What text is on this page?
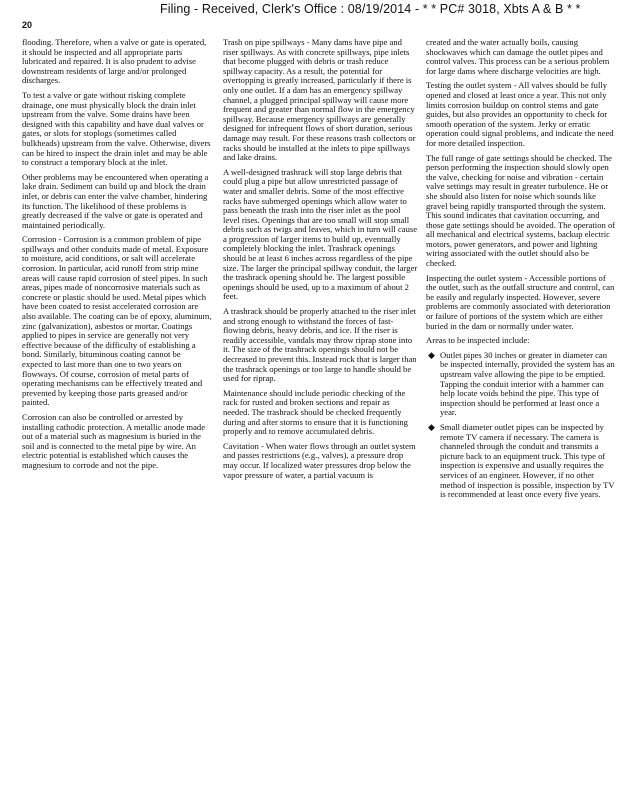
Filing - Received, Clerk's Office : 08/19/2014 - * * PC# 3018, Xbts A & B * *
20

flooding. Therefore, when a valve or gate is operated, it should be inspected and all appropriate parts lubricated and repaired. It is also prudent to advise downstream residents of large and/or prolonged discharges.

To test a valve or gate without risking complete drainage, one must physically block the drain inlet upstream from the valve. Some drains have been designed with this capability and have dual valves or gates, or slots for stoplogs (sometimes called bulkheads) upstream from the valve. Otherwise, divers can be hired to inspect the drain inlet and may be able to construct a temporary block at the inlet.

Other problems may be encountered when operating a lake drain. Sediment can build up and block the drain inlet, or debris can enter the valve chamber, hindering its function. The likelihood of these problems is greatly decreased if the valve or gate is operated and maintained periodically.

Corrosion - Corrosion is a common problem of pipe spillways and other conduits made of metal. Exposure to moisture, acid conditions, or salt will accelerate corrosion. In particular, acid runoff from strip mine areas will cause rapid corrosion of steel pipes. In such areas, pipes made of noncorrosive materials such as concrete or plastic should be used. Metal pipes which have been coated to resist accelerated corrosion are also available. The coating can be of epoxy, aluminum, zinc (galvanization), asbestos or mortar. Coatings applied to pipes in service are generally not very effective because of the difficulty of establishing a bond. Similarly, bituminous coating cannot be expected to last more than one to two years on flowways. Of course, corrosion of metal parts of operating mechanisms can be effectively treated and prevented by keeping those parts greased and/or painted.

Corrosion can also be controlled or arrested by installing cathodic protection. A metallic anode made out of a material such as magnesium is buried in the soil and is connected to the metal pipe by wire. An electric potential is established which causes the magnesium to corrode and not the pipe.

Trash on pipe spillways - Many dams have pipe and riser spillways. As with concrete spillways, pipe inlets that become plugged with debris or trash reduce spillway capacity. As a result, the potential for overtopping is greatly increased, particularly if there is only one outlet. If a dam has an emergency spillway channel, a plugged principal spillway will cause more frequent and greater than normal flow in the emergency spillway. Because emergency spillways are generally designed for infrequent flows of short duration, serious damage may result. For these reasons trash collectors or racks should be installed at the inlets to pipe spillways and lake drains.

A well-designed trashrack will stop large debris that could plug a pipe but allow unrestricted passage of water and smaller debris. Some of the most effective racks have submerged openings which allow water to pass beneath the trash into the riser inlet as the pool level rises. Openings that are too small will stop small debris such as twigs and leaves, which in turn will cause a progression of larger items to build up, eventually completely blocking the inlet. Trashrack openings should be at least 6 inches across regardless of the pipe size. The larger the principal spillway conduit, the larger the trashrack opening should be. The largest possible openings should be used, up to a maximum of about 2 feet.

A trashrack should be properly attached to the riser inlet and strong enough to withstand the forces of fast-flowing debris, heavy debris, and ice. If the riser is readily accessible, vandals may throw riprap stone into it. The size of the trashrack openings should not be decreased to prevent this. Instead rock that is larger than the trashrack openings or too large to handle should be used for riprap.

Maintenance should include periodic checking of the rack for rusted and broken sections and repair as needed. The trashrack should be checked frequently during and after storms to ensure that it is functioning properly and to remove accumulated debris.

Cavitation - When water flows through an outlet system and passes restrictions (e.g., valves), a pressure drop may occur. If localized water pressures drop below the vapor pressure of water, a partial vacuum is

created and the water actually boils, causing shockwaves which can damage the outlet pipes and control valves. This process can be a serious problem for large dams where discharge velocities are high.

Testing the outlet system - All valves should be fully opened and closed at least once a year. This not only limits corrosion buildup on control stems and gate guides, but also provides an opportunity to check for smooth operation of the system. Jerky or erratic operation could signal problems, and indicate the need for more detailed inspection.

The full range of gate settings should be checked. The person performing the inspection should slowly open the valve, checking for noise and vibration - certain valve settings may result in greater turbulence. He or she should also listen for noise which sounds like gravel being rapidly transported through the system. This sound indicates that cavitation occurring, and those gate settings should be avoided. The operation of all mechanical and electrical systems, backup electric motors, power generators, and power and lighting wiring associated with the outlet should also be checked.

Inspecting the outlet system - Accessible portions of the outlet, such as the outfall structure and control, can be easily and regularly inspected. However, severe problems are commonly associated with deterioration or failure of portions of the system which are either buried in the dam or normally under water.

Areas to be inspected include:

◆ Outlet pipes 30 inches or greater in diameter can be inspected internally, provided the system has an upstream valve allowing the pipe to be emptied. Tapping the conduit interior with a hammer can help locate voids behind the pipe. This type of inspection should be performed at least once a year.
◆ Small diameter outlet pipes can be inspected by remote TV camera if necessary. The camera is channeled through the conduit and transmits a picture back to an equipment truck. This type of inspection is expensive and usually requires the services of an engineer. However, if no other method of inspection is possible, inspection by TV is recommended at least once every five years.
